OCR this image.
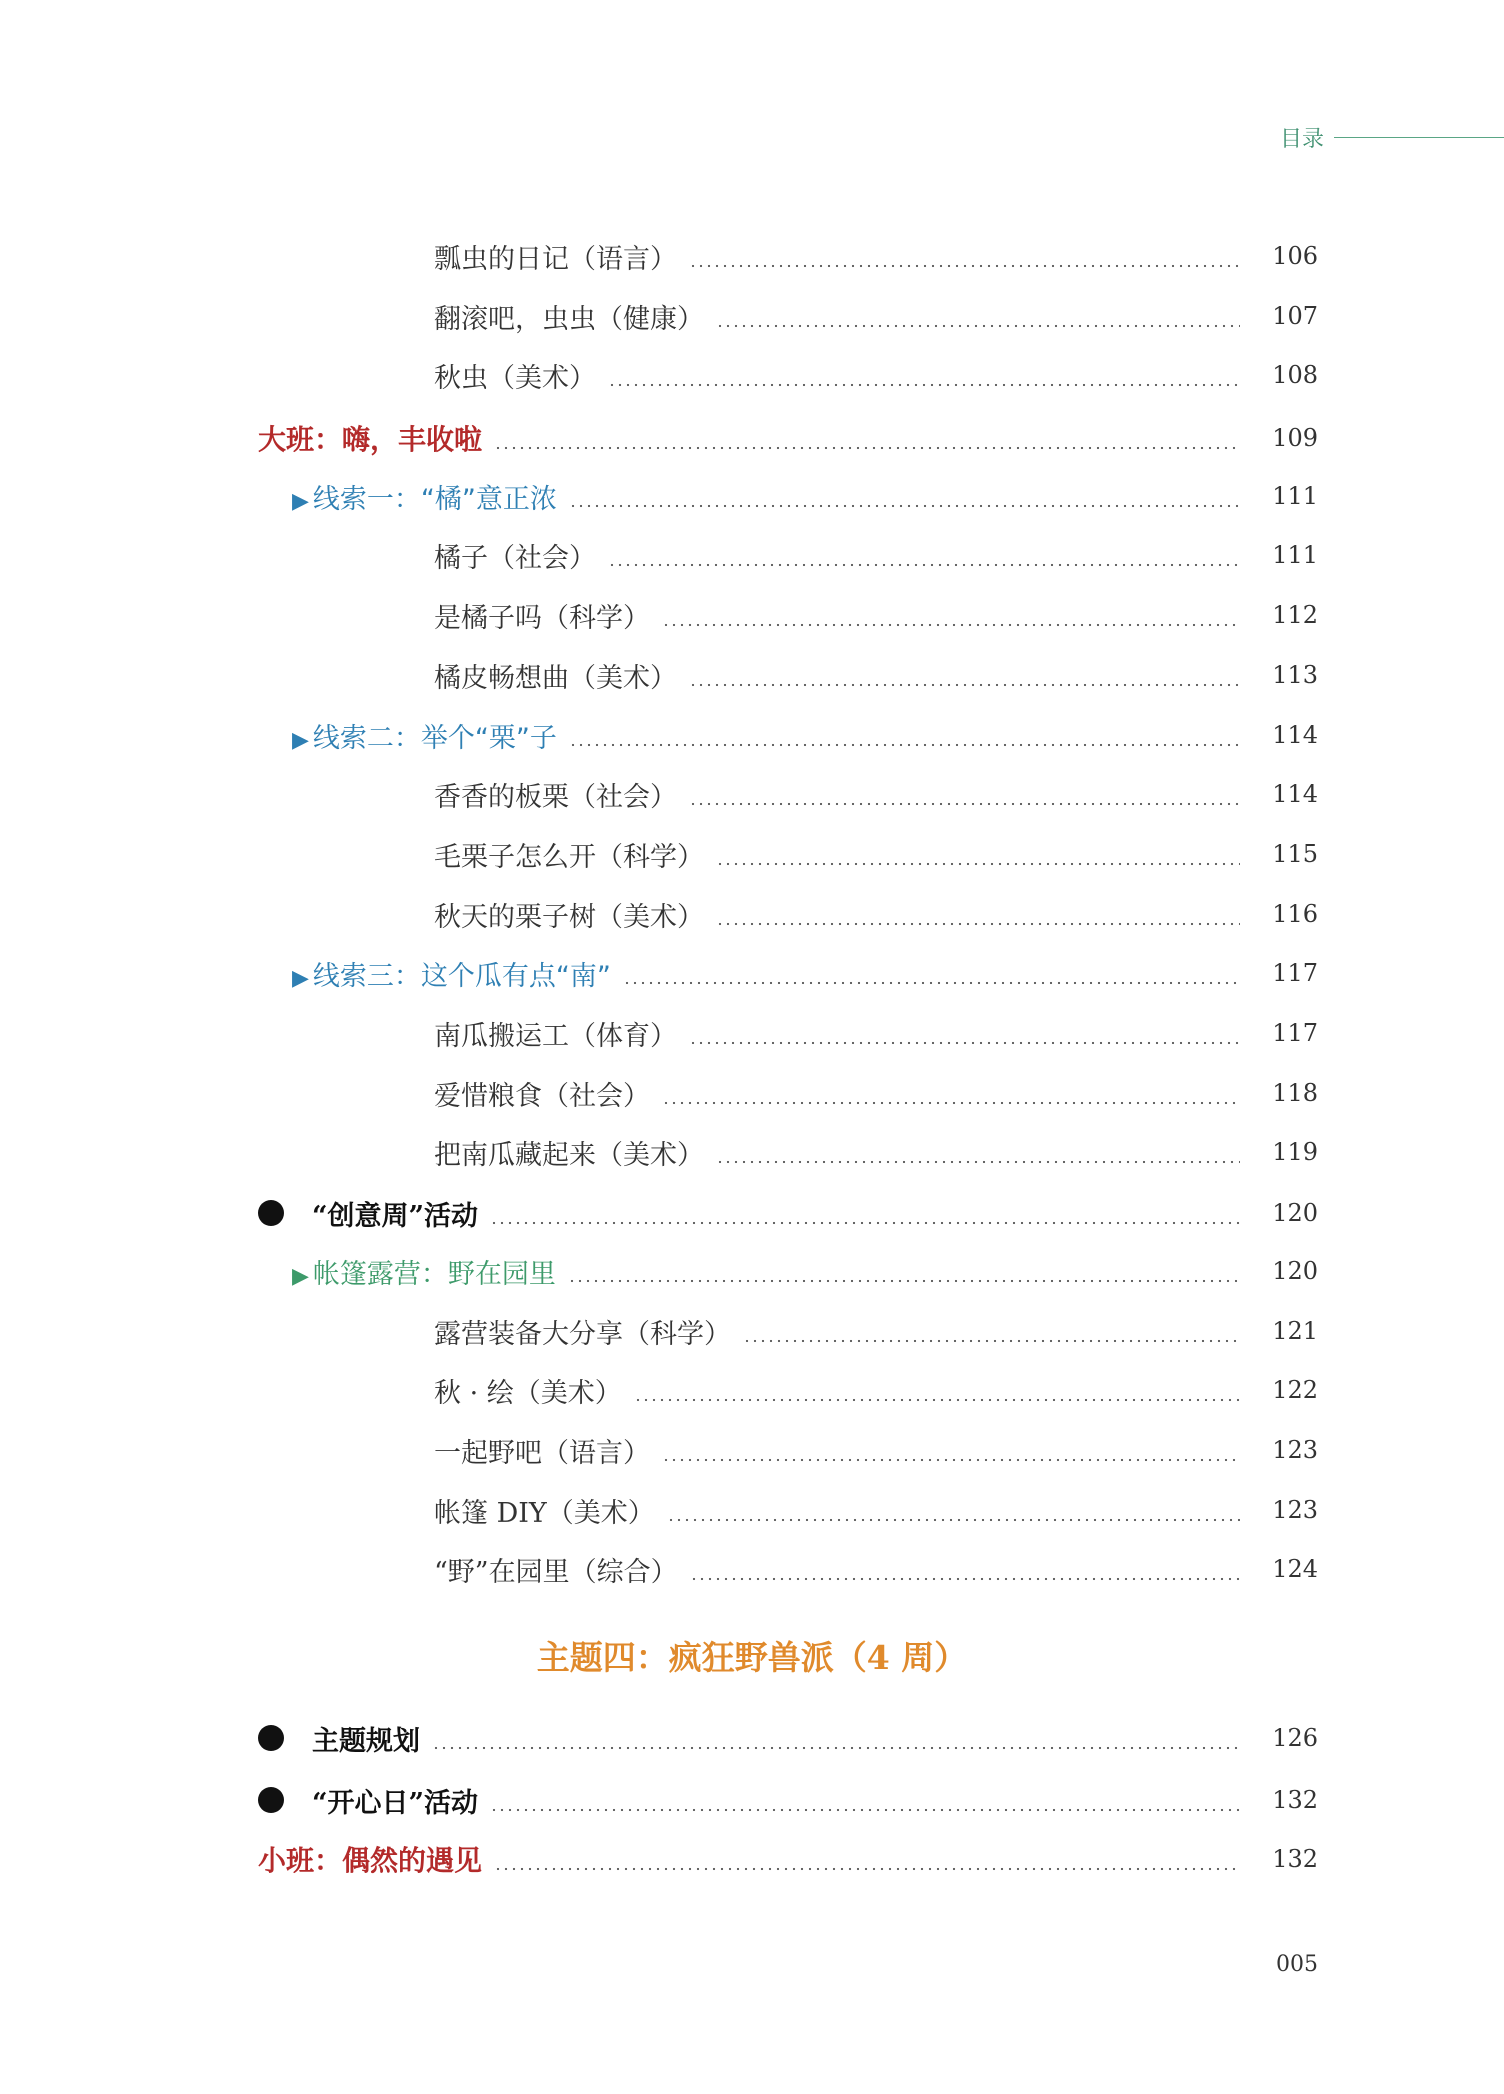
目录
瓢虫的日记（语言）	106
翻滚吧，虫虫（健康）	107
秋虫（美术）	108
大班：嗨，丰收啦	109
▶ 线索一：“橘”意正浓	111
橘子（社会）	111
是橘子吗（科学）	112
橘皮畅想曲（美术）	113
▶ 线索二：举个“栗”子	114
香香的板栗（社会）	114
毛栗子怎么开（科学）	115
秋天的栗子树（美术）	116
▶ 线索三：这个瓜有点“南”	117
南瓜搬运工（体育）	117
爱惜粮食（社会）	118
把南瓜藏起来（美术）	119
“创意周”活动	120
▶ 帐篷露营：野在园里	120
露营装备大分享（科学）	121
秋 · 绘（美术）	122
一起野吧（语言）	123
帐篷 DIY（美术）	123
“野”在园里（综合）	124
主题规划	126
“开心日”活动	132
小班：偶然的遇见	132
主题四：疯狂野兽派（4 周）
005
